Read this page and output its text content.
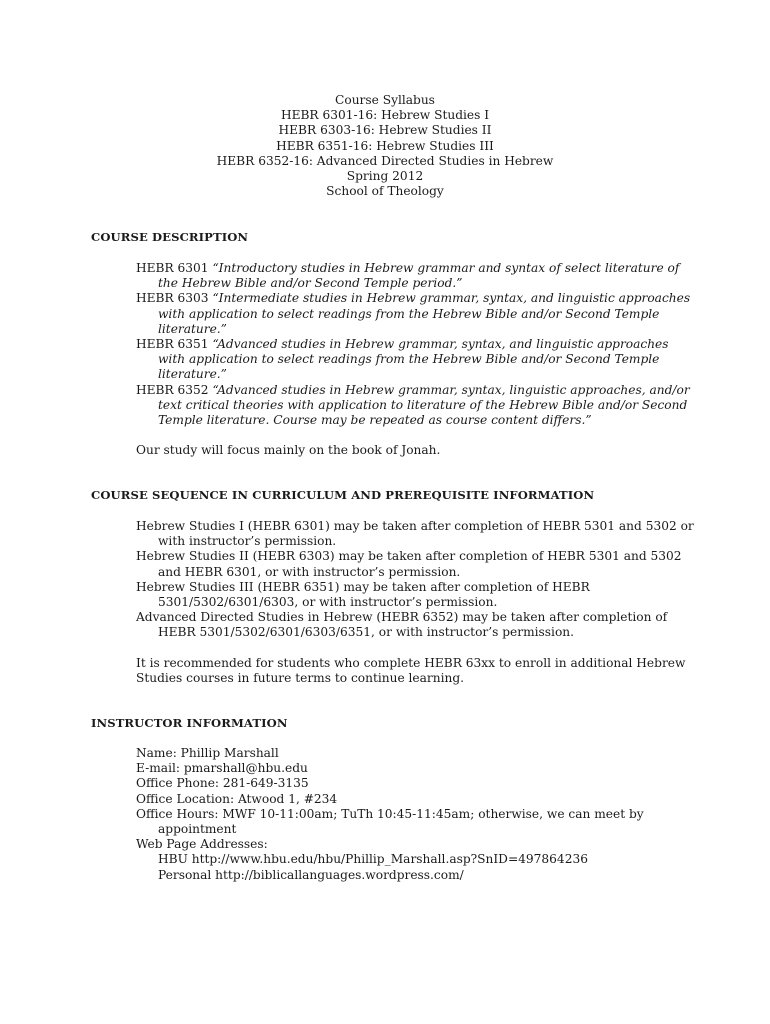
Course Syllabus
HEBR 6301-16: Hebrew Studies I
HEBR 6303-16: Hebrew Studies II
HEBR 6351-16: Hebrew Studies III
HEBR 6352-16: Advanced Directed Studies in Hebrew
Spring 2012
School of Theology
COURSE DESCRIPTION

HEBR 6301 “Introductory studies in Hebrew grammar and syntax of select literature of the Hebrew Bible and/or Second Temple period.”

HEBR 6303 “Intermediate studies in Hebrew grammar, syntax, and linguistic approaches with application to select readings from the Hebrew Bible and/or Second Temple literature.”

HEBR 6351 “Advanced studies in Hebrew grammar, syntax, and linguistic approaches with application to select readings from the Hebrew Bible and/or Second Temple literature.”

HEBR 6352 “Advanced studies in Hebrew grammar, syntax, linguistic approaches, and/or text critical theories with application to literature of the Hebrew Bible and/or Second Temple literature. Course may be repeated as course content differs.”

Our study will focus mainly on the book of Jonah.

COURSE SEQUENCE IN CURRICULUM AND PREREQUISITE INFORMATION

Hebrew Studies I (HEBR 6301) may be taken after completion of HEBR 5301 and 5302 or with instructor’s permission.

Hebrew Studies II (HEBR 6303) may be taken after completion of HEBR 5301 and 5302 and HEBR 6301, or with instructor’s permission.

Hebrew Studies III (HEBR 6351) may be taken after completion of HEBR 5301/5302/6301/6303, or with instructor’s permission.

Advanced Directed Studies in Hebrew (HEBR 6352) may be taken after completion of HEBR 5301/5302/6301/6303/6351, or with instructor’s permission.

It is recommended for students who complete HEBR 63xx to enroll in additional Hebrew Studies courses in future terms to continue learning.

INSTRUCTOR INFORMATION

Name: Phillip Marshall

E-mail: pmarshall@hbu.edu

Office Phone: 281-649-3135

Office Location: Atwood 1, #234

Office Hours: MWF 10-11:00am; TuTh 10:45-11:45am; otherwise, we can meet by appointment

Web Page Addresses:

HBU http://www.hbu.edu/hbu/Phillip_Marshall.asp?SnID=497864236

Personal http://biblicallanguages.wordpress.com/
